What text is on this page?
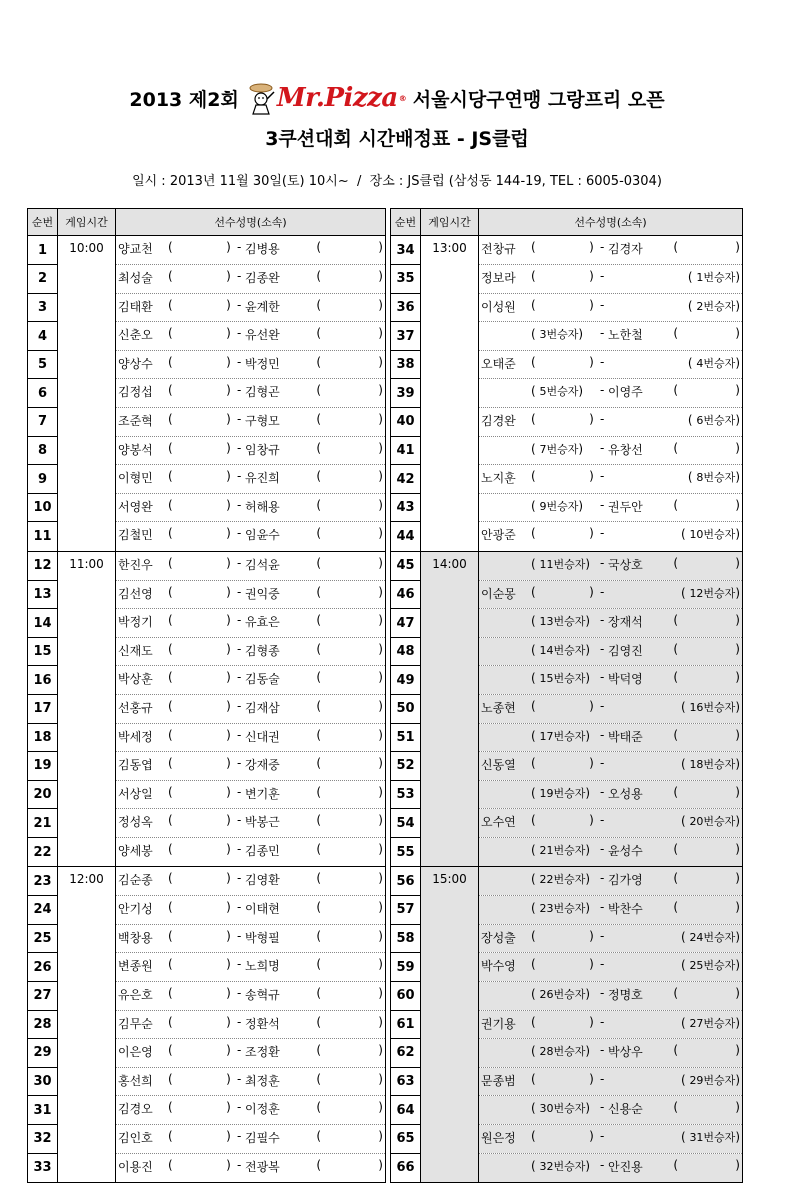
2013 제2회 Mr.Pizza ® 서울시당구연맹 그랑프리 오픈
3쿠션대회 시간배정표 - JS클럽
일시 : 2013년 11월 30일(토) 10시~  /  장소 : JS클럽 (삼성동 144-19, TEL : 6005-0304)
순번	게임시간	선수성명(소속)
1	10:00	양교천 (              ) - 김병용 (               )

2		최성술 (              ) - 김종완 (               )

3		김태환 (              ) - 윤계한 (               )

4		신춘오 (              ) - 유선완 (               )

5		양상수 (              ) - 박정민 (               )

6		김정섭 (              ) - 김형곤 (               )

7		조준혁 (              ) - 구형모 (               )

8		양봉석 (              ) - 임창규 (               )

9		이형민 (              ) - 유진희 (               )

10		서영완 (              ) - 허해용 (               )

11		김철민 (              ) - 임윤수 (               )

12	11:00	한진우 (              ) - 김석윤 (               )

13		김선영 (              ) - 권익중 (               )

14		박정기 (              ) - 유효은 (               )

15		신재도 (              ) - 김형종 (               )

16		박상훈 (              ) - 김동술 (               )

17		선홍규 (              ) - 김재삼 (               )

18		박세정 (              ) - 신대권 (               )

19		김동엽 (              ) - 강재중 (               )

20		서상일 (              ) - 변기훈 (               )

21		정성옥 (              ) - 박봉근 (               )

22		양세봉 (              ) - 김종민 (               )

23	12:00	김순종 (              ) - 김영환 (               )

24		안기성 (              ) - 이태현 (               )

25		백창용 (              ) - 박형필 (               )

26		변종원 (              ) - 노희명 (               )

27		유은호 (              ) - 송혁규 (               )

28		김무순 (              ) - 정환석 (               )

29		이은영 (              ) - 조정환 (               )

30		홍선희 (              ) - 최정훈 (               )

31		김경오 (              ) - 이정훈 (               )

32		김인호 (              ) - 김필수 (               )

33		이용진 (              ) - 전광복 (               )
순번	게임시간	선수성명(소속)
34	13:00	전창규 (              ) - 김경자 (               )

35		정보라 (              ) - ( 1번승자)

36		이성원 (              ) - ( 2번승자)

37		( 3번승자) - 노한철 (               )

38		오태준 (              ) - ( 4번승자)

39		( 5번승자) - 이영주 (               )

40		김경완 (              ) - ( 6번승자)

41		( 7번승자) - 유창선 (               )

42		노지훈 (              ) - ( 8번승자)

43		( 9번승자) - 권두안 (               )

44		안광준 (              ) - ( 10번승자)

45	14:00	( 11번승자) - 국상호 (               )

46		이순몽 (              ) - ( 12번승자)

47		( 13번승자) - 장재석 (               )

48		( 14번승자) - 김영진 (               )

49		( 15번승자) - 박덕영 (               )

50		노종현 (              ) - ( 16번승자)

51		( 17번승자) - 박태준 (               )

52		신동열 (              ) - ( 18번승자)

53		( 19번승자) - 오성용 (               )

54		오수연 (              ) - ( 20번승자)

55		( 21번승자) - 윤성수 (               )

56	15:00	( 22번승자) - 김가영 (               )

57		( 23번승자) - 박찬수 (               )

58		장성출 (              ) - ( 24번승자)

59		박수영 (              ) - ( 25번승자)

60		( 26번승자) - 정명호 (               )

61		권기용 (              ) - ( 27번승자)

62		( 28번승자) - 박상우 (               )

63		문종범 (              ) - ( 29번승자)

64		( 30번승자) - 신용순 (               )

65		원은정 (              ) - ( 31번승자)

66		( 32번승자) - 안진용 (               )
